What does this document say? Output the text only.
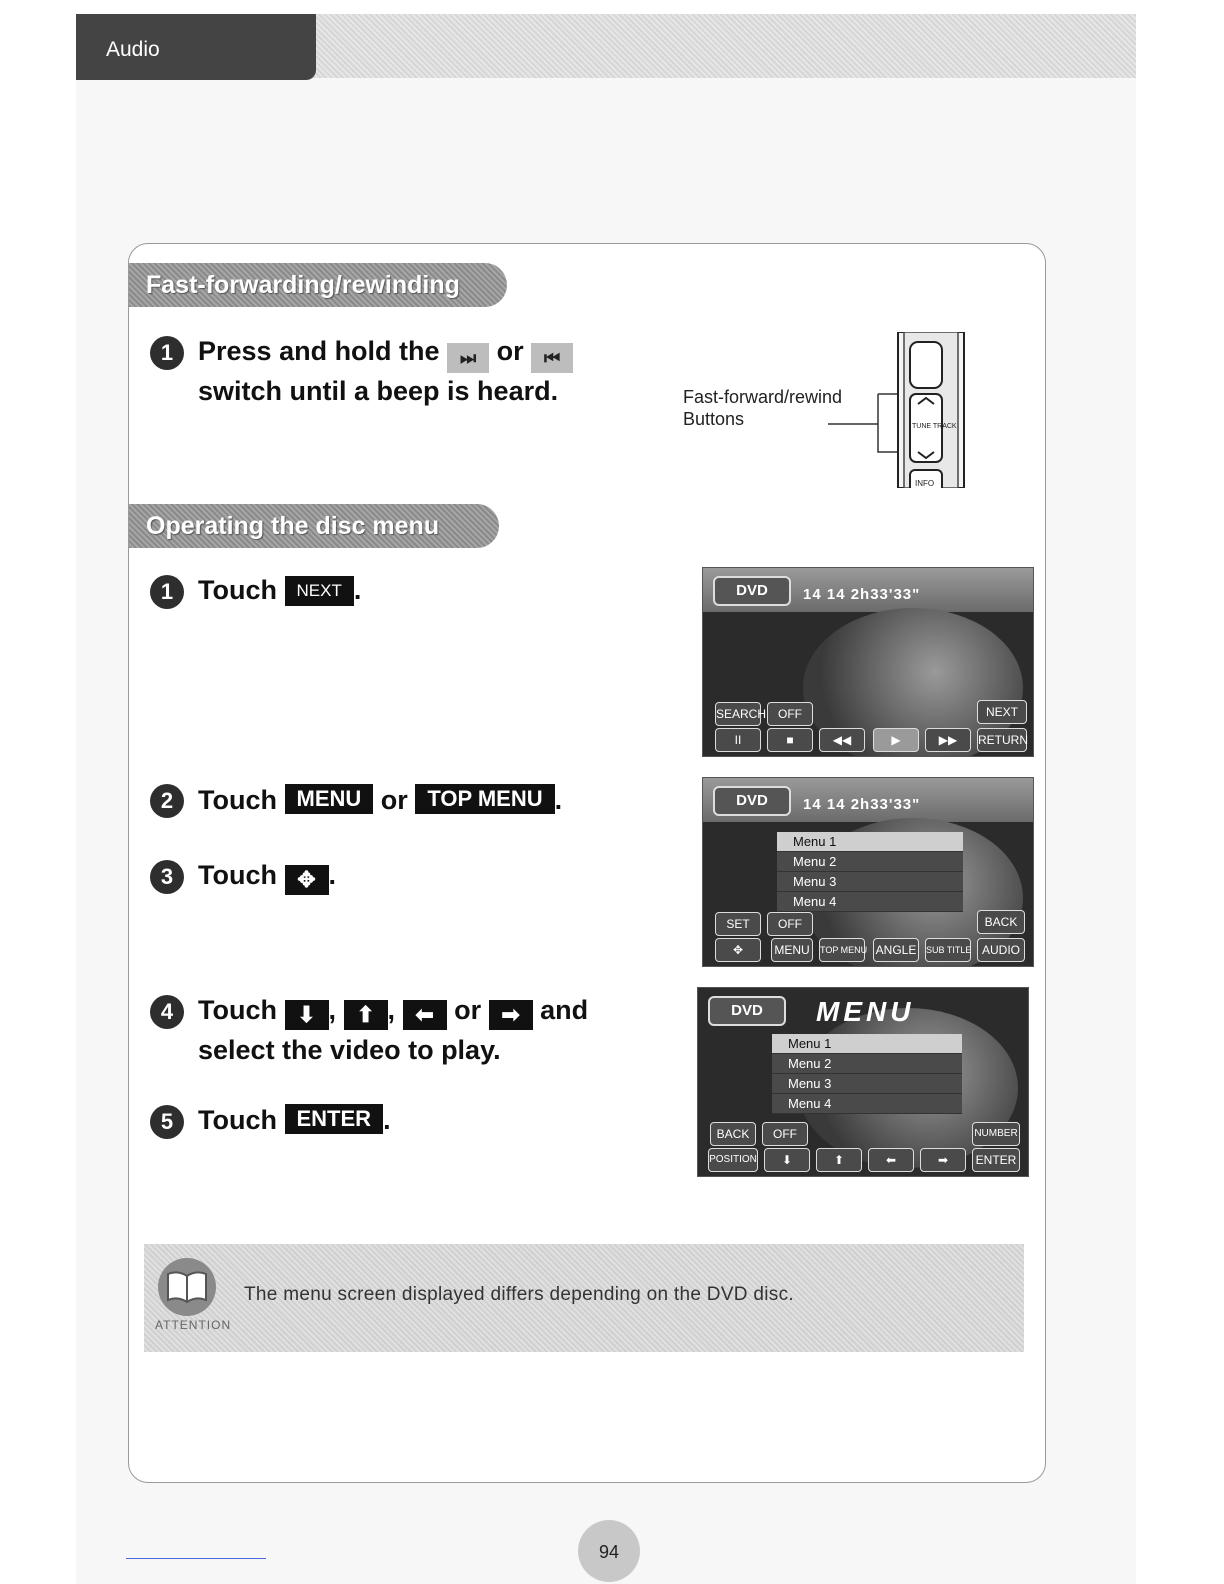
Audio
Fast-forwarding/rewinding
1 Press and hold the ⏭ or ⏮
switch until a beep is heard.	Fast-forward/rewind
Buttons	TUNE TRACK
INFO
Operating the disc menu
1 Touch NEXT .
2 Touch MENU or TOP MENU .
3 Touch ✥ .
4 Touch ⬇ , ⬆ , ⬅ or ➡ and
select the video to play.
5 Touch ENTER .
DVD	14 14 2h33'33"
SEARCH OFF	NEXT
II	■	◀◀	▶	▶▶	RETURN
DVD	14 14 2h33'33"
Menu 1
Menu 2
Menu 3
Menu 4
SET	OFF	BACK
✥	MENU	TOP MENU ANGLE SUB TITLE AUDIO
DVD	MENU
Menu 1
Menu 2
Menu 3
Menu 4
BACK	OFF	NUMBER
POSITION	⬇	⬆	⬅	➡	ENTER
ATTENTION
The menu screen displayed differs depending on the DVD disc.
94
